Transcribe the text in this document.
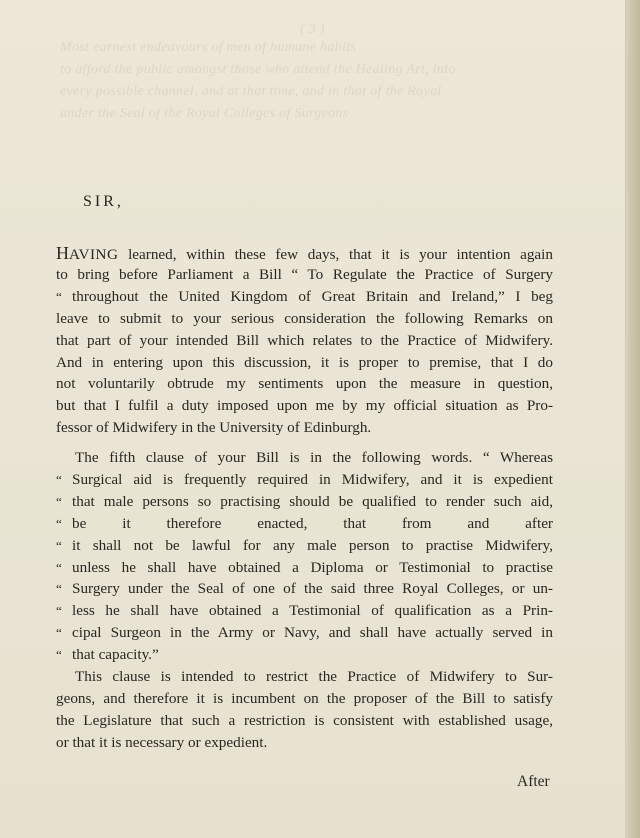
Most earnest endeavours of men of humane habits
to afford the public amongst those who attend the Healing Art, into
every possible channel, and at that time, and in that of the Royal
( 3 )
under the Seal of the Royal Colleges of Surgeons
SIR,
HAVING learned, within these few days, that it is your intention again
to bring before Parliament a Bill “ To Regulate the Practice of Surgery
“ throughout the United Kingdom of Great Britain and Ireland,” I beg
leave to submit to your serious consideration the following Remarks on
that part of your intended Bill which relates to the Practice of Midwifery.
And in entering upon this discussion, it is proper to premise, that I do
not voluntarily obtrude my sentiments upon the measure in question,
but that I fulfil a duty imposed upon me by my official situation as Pro-
fessor of Midwifery in the University of Edinburgh.
The fifth clause of your Bill is in the following words. “ Whereas
“ Surgical aid is frequently required in Midwifery, and it is expedient
“ that male persons so practising should be qualified to render such aid,
“ be it therefore enacted, that from and after
“ it shall not be lawful for any male person to practise Midwifery,
“ unless he shall have obtained a Diploma or Testimonial to practise
“ Surgery under the Seal of one of the said three Royal Colleges, or un-
“ less he shall have obtained a Testimonial of qualification as a Prin-
“ cipal Surgeon in the Army or Navy, and shall have actually served in
“ that capacity.”
This clause is intended to restrict the Practice of Midwifery to Sur-
geons, and therefore it is incumbent on the proposer of the Bill to satisfy
the Legislature that such a restriction is consistent with established usage,
or that it is necessary or expedient.
After
